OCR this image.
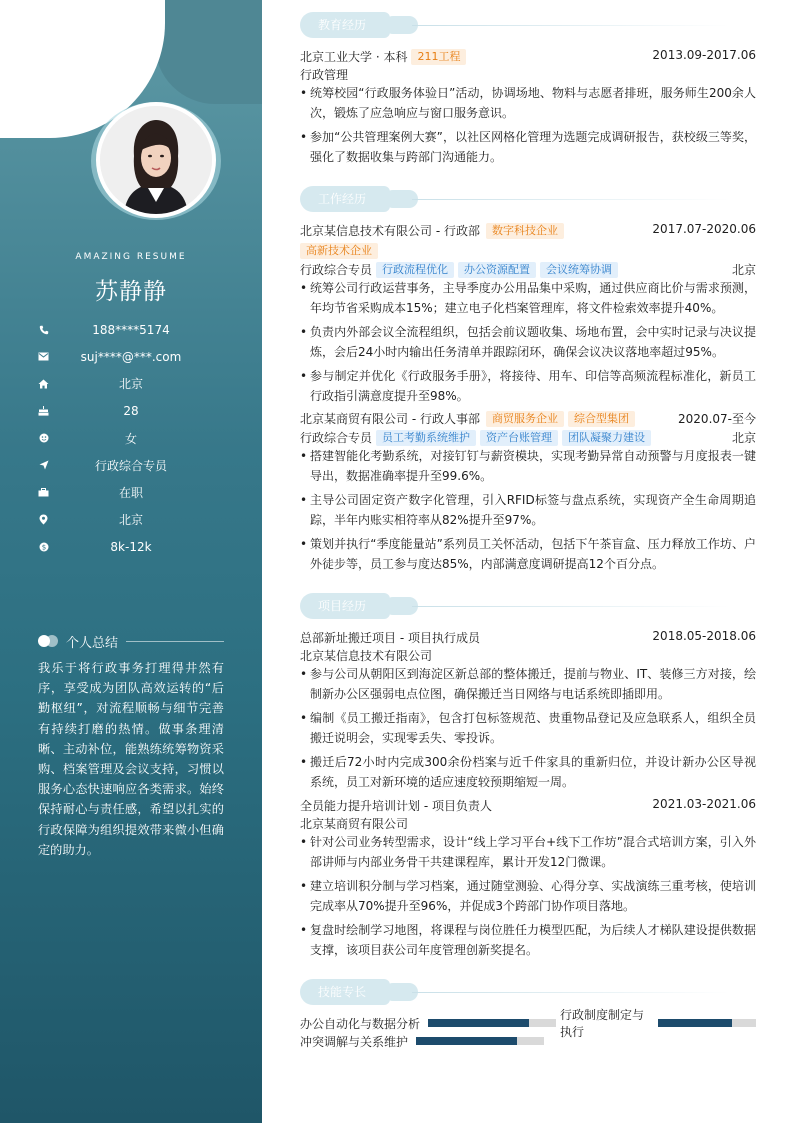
AMAZING RESUME
苏静静
188****5174
suj****@***.com
北京
28
女
行政综合专员
在职
北京
$	8k-12k
个人总结
我乐于将行政事务打理得井然有序，享受成为团队高效运转的“后勤枢纽”，对流程顺畅与细节完善有持续打磨的热情。做事条理清晰、主动补位，能熟练统筹物资采购、档案管理及会议支持，习惯以服务心态快速响应各类需求。始终保持耐心与责任感，希望以扎实的行政保障为组织提效带来微小但确定的助力。
教育经历
北京工业大学 · 本科 211工程	2013.09-2017.06
行政管理
• 统筹校园“行政服务体验日”活动，协调场地、物料与志愿者排班，服务师生200余人次，锻炼了应急响应与窗口服务意识。
• 参加“公共管理案例大赛”，以社区网格化管理为选题完成调研报告，获校级三等奖，强化了数据收集与跨部门沟通能力。
工作经历
北京某信息技术有限公司 - 行政部	数字科技企业	2017.07-2020.06
高新技术企业
行政综合专员 行政流程优化	办公资源配置	会议统筹协调	北京
• 统筹公司行政运营事务，主导季度办公用品集中采购，通过供应商比价与需求预测，年均节省采购成本15%；建立电子化档案管理库，将文件检索效率提升40%。
• 负责内外部会议全流程组织，包括会前议题收集、场地布置，会中实时记录与决议提炼，会后24小时内输出任务清单并跟踪闭环，确保会议决议落地率超过95%。
• 参与制定并优化《行政服务手册》，将接待、用车、印信等高频流程标准化，新员工行政指引满意度提升至98%。
北京某商贸有限公司 - 行政人事部	商贸服务企业	综合型集团	2020.07-至今
行政综合专员 员工考勤系统维护	资产台账管理	团队凝聚力建设	北京
• 搭建智能化考勤系统，对接钉钉与薪资模块，实现考勤异常自动预警与月度报表一键导出，数据准确率提升至99.6%。
• 主导公司固定资产数字化管理，引入RFID标签与盘点系统，实现资产全生命周期追踪，半年内账实相符率从82%提升至97%。
• 策划并执行“季度能量站”系列员工关怀活动，包括下午茶盲盒、压力释放工作坊、户外徒步等，员工参与度达85%，内部满意度调研提高12个百分点。
项目经历
总部新址搬迁项目 - 项目执行成员	2018.05-2018.06
北京某信息技术有限公司
• 参与公司从朝阳区到海淀区新总部的整体搬迁，提前与物业、IT、装修三方对接，绘制新办公区强弱电点位图，确保搬迁当日网络与电话系统即插即用。
• 编制《员工搬迁指南》，包含打包标签规范、贵重物品登记及应急联系人，组织全员搬迁说明会，实现零丢失、零投诉。
• 搬迁后72小时内完成300余份档案与近千件家具的重新归位，并设计新办公区导视系统，员工对新环境的适应速度较预期缩短一周。
全员能力提升培训计划 - 项目负责人	2021.03-2021.06
北京某商贸有限公司
• 针对公司业务转型需求，设计“线上学习平台+线下工作坊”混合式培训方案，引入外部讲师与内部业务骨干共建课程库，累计开发12门微课。
• 建立培训积分制与学习档案，通过随堂测验、心得分享、实战演练三重考核，使培训完成率从70%提升至96%，并促成3个跨部门协作项目落地。
• 复盘时绘制学习地图，将课程与岗位胜任力模型匹配，为后续人才梯队建设提供数据支撑，该项目获公司年度管理创新奖提名。
技能专长
办公自动化与数据分析
行政制度制定与执行
冲突调解与关系维护
